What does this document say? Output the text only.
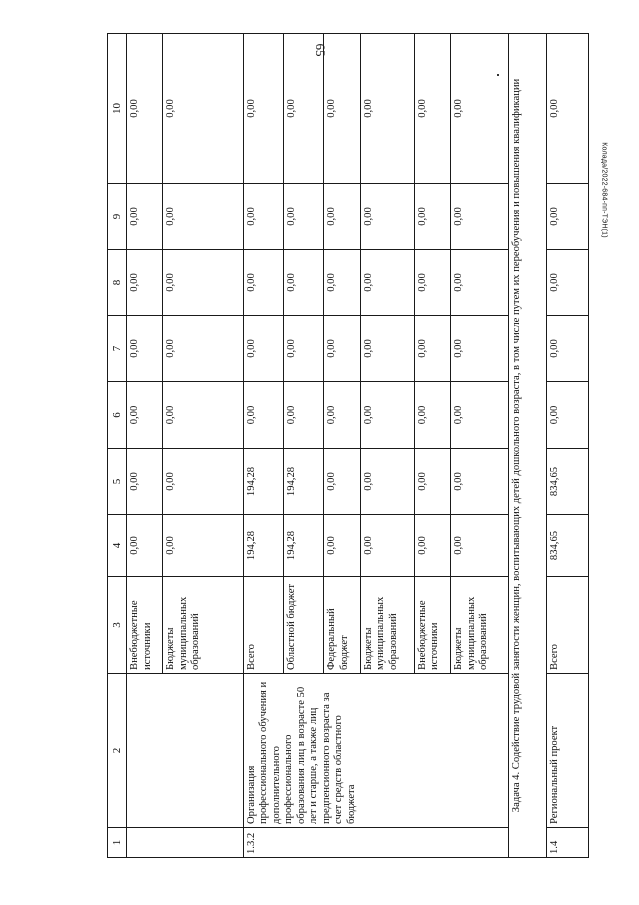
65
Колада/2022-684-пп-ТЭН(1)
1	2	3	4	5	6	7	8	9	10
		Внебюджетные источники	0,00	0,00	0,00	0,00	0,00	0,00	0,00
		Бюджеты муниципальных образований	0,00	0,00	0,00	0,00	0,00	0,00	0,00
1.3.2	Организация профессионального обучения и дополнительного профессионального образования лиц в возрасте 50 лет и старше, а также лиц предпенсионного возраста за счет средств областного бюджета	Всего	194,28	194,28	0,00	0,00	0,00	0,00	0,00
		Областной бюджет	194,28	194,28	0,00	0,00	0,00	0,00	0,00
		Федеральный бюджет	0,00	0,00	0,00	0,00	0,00	0,00	0,00
		Бюджеты муниципальных образований	0,00	0,00	0,00	0,00	0,00	0,00	0,00
		Внебюджетные источники	0,00	0,00	0,00	0,00	0,00	0,00	0,00
		Бюджеты муниципальных образований	0,00	0,00	0,00	0,00	0,00	0,00	0,00
Задача 4. Содействие трудовой занятости женщин, воспитывающих детей дошкольного возраста, в том числе путем их переобучения и повышения квалификации									
1.4	Региональный проект	Всего	834,65	834,65	0,00	0,00	0,00	0,00	0,00
